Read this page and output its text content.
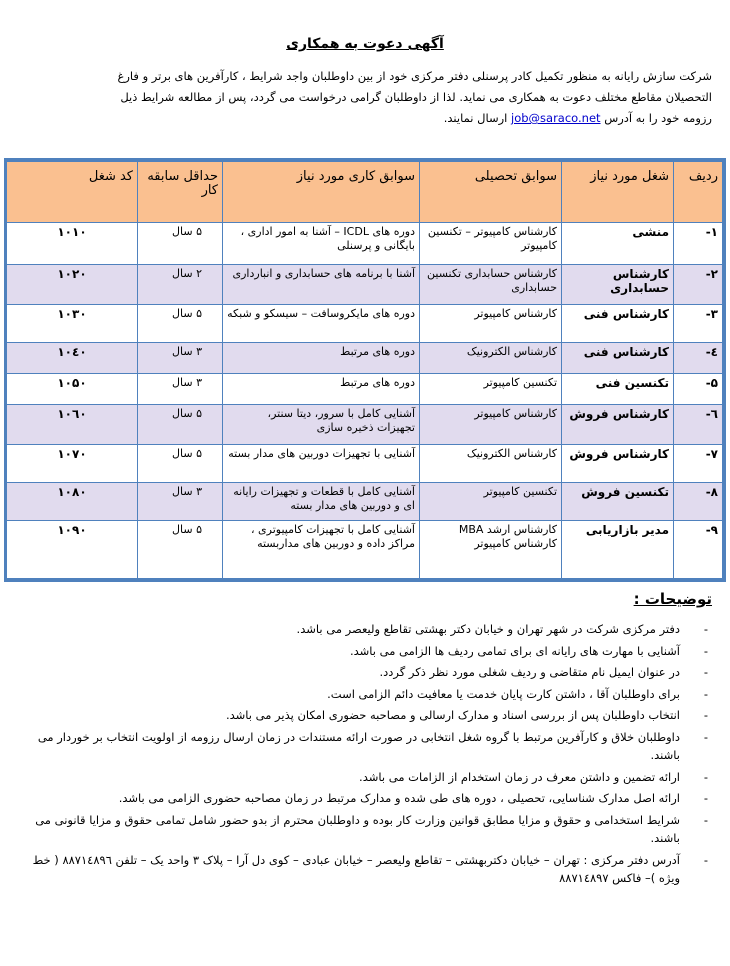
آگهی دعوت به همکاری
شرکت سازش رایانه به منظور تکمیل کادر پرسنلی دفتر مرکزی خود از بین داوطلبان واجد شرایط ، کارآفرین های برتر و فارغ
التحصیلان مقاطع مختلف دعوت به همکاری می نماید. لذا از داوطلبان گرامی درخواست می گردد، پس از مطالعه شرایط ذیل
رزومه خود را به آدرس job@saraco.net ارسال نمایند.
ردیف	شغل مورد نیاز	سوابق تحصیلی	سوابق کاری مورد نیاز	حداقل سابقه کار	کد شغل
۱-	منشی	کارشناس کامپیوتر – تکنسین کامپیوتر	دوره های ICDL – آشنا به امور اداری ، بایگانی و پرسنلی	۵ سال	۱۰۱۰
۲-	کارشناس حسابداری	کارشناس حسابداری تکنسین حسابداری	آشنا با برنامه های حسابداری و انبارداری	۲ سال	۱۰۲۰
۳-	کارشناس فنی	کارشناس کامپیوتر	دوره های مایکروسافت – سیسکو و شبکه	۵ سال	۱۰۳۰
٤-	کارشناس فنی	کارشناس الکترونیک	دوره های مرتبط	۳ سال	۱۰٤۰
۵-	تکنسین فنی	تکنسین کامپیوتر	دوره های مرتبط	۳ سال	۱۰۵۰
٦-	کارشناس فروش	کارشناس کامپیوتر	آشنایی کامل با سرور، دیتا سنتر، تجهیزات ذخیره سازی	۵ سال	۱۰٦۰
۷-	کارشناس فروش	کارشناس الکترونیک	آشنایی با تجهیزات دوربین های مدار بسته	۵ سال	۱۰۷۰
۸-	تکنسین فروش	تکنسین کامپیوتر	آشنایی کامل با قطعات و تجهیزات رایانه ای و دوربین های مدار بسته	۳ سال	۱۰۸۰
۹-	مدیر بازاریابی	کارشناس ارشد MBA کارشناس کامپیوتر	آشنایی کامل با تجهیزات کامپیوتری ، مراکز داده و دوربین های مداربسته	۵ سال	۱۰۹۰
توضیحات :
-
دفتر مرکزی شرکت در شهر تهران و خیابان دکتر بهشتی تقاطع ولیعصر می باشد.
-
آشنایی با مهارت های رایانه ای برای تمامی ردیف ها الزامی می باشد.
-
در عنوان ایمیل نام متقاضی و ردیف شغلی مورد نظر ذکر گردد.
-
برای داوطلبان آقا ، داشتن کارت پایان خدمت یا معافیت دائم الزامی است.
-
انتخاب داوطلبان پس از بررسی اسناد و مدارک ارسالی و مصاحبه حضوری امکان پذیر می باشد.
-
داوطلبان خلاق و کارآفرین مرتبط با گروه شغل انتخابی در صورت ارائه مستندات در زمان ارسال رزومه از اولویت انتخاب بر خوردار می باشند.
-
ارائه تضمین و داشتن معرف در زمان استخدام از الزامات می باشد.
-
ارائه اصل مدارک شناسایی، تحصیلی ، دوره های طی شده و مدارک مرتبط در زمان مصاحبه حضوری الزامی می باشد.
-
شرایط استخدامی و حقوق و مزایا مطابق قوانین وزارت کار بوده و داوطلبان محترم از بدو حضور شامل تمامی حقوق و مزایا قانونی می باشند.
-
آدرس دفتر مرکزی : تهران – خیابان دکتربهشتی – تقاطع ولیعصر – خیابان عبادی – کوی دل آرا – پلاک ۳ واحد یک – تلفن ۸۸۷۱٤۸۹٦ ( خط ویژه )– فاکس ۸۸۷۱٤۸۹۷
